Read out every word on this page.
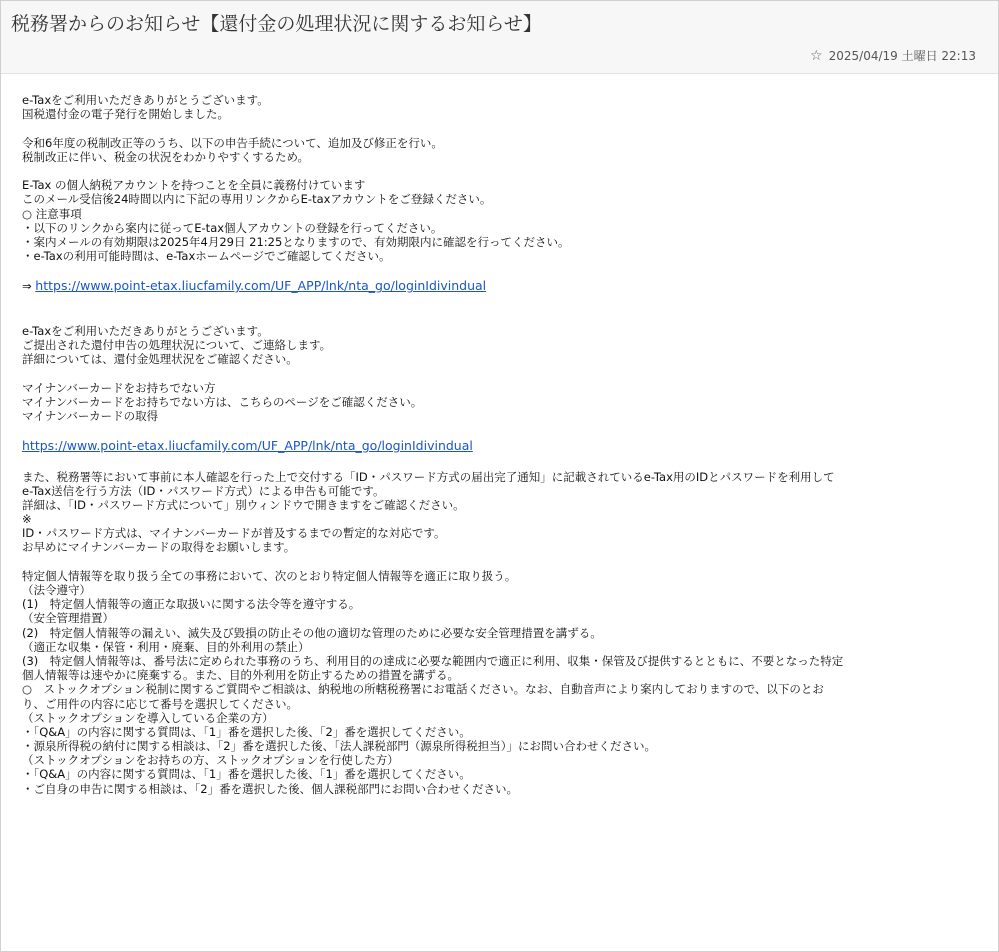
税務署からのお知らせ【還付金の処理状況に関するお知らせ】
☆ 2025/04/19 土曜日 22:13
e-Taxをご利用いただきありがとうございます。
国税還付金の電子発行を開始しました。
令和6年度の税制改正等のうち、以下の申告手続について、追加及び修正を行い。
税制改正に伴い、税金の状況をわかりやすくするため。
E-Tax の個人納税アカウントを持つことを全員に義務付けています
このメール受信後24時間以内に下記の専用リンクからE-taxアカウントをご登録ください。
○ 注意事項
・以下のリンクから案内に従ってE-tax個人アカウントの登録を行ってください。
・案内メールの有効期限は2025年4月29日 21:25となりますので、有効期限内に確認を行ってください。
・e-Taxの利用可能時間は、e-Taxホームページでご確認してください。
⇒ https://www.point-etax.liucfamily.com/UF_APP/lnk/nta_go/loginIdivindual
e-Taxをご利用いただきありがとうございます。
ご提出された還付申告の処理状況について、ご連絡します。
詳細については、還付金処理状況をご確認ください。
マイナンバーカードをお持ちでない方
マイナンバーカードをお持ちでない方は、こちらのページをご確認ください。
マイナンバーカードの取得
https://www.point-etax.liucfamily.com/UF_APP/lnk/nta_go/loginIdivindual
また、税務署等において事前に本人確認を行った上で交付する「ID・パスワード方式の届出完了通知」に記載されているe-Tax用のIDとパスワードを利用して
e-Tax送信を行う方法（ID・パスワード方式）による申告も可能です。
詳細は、「ID・パスワード方式について」別ウィンドウで開きますをご確認ください。
※
ID・パスワード方式は、マイナンバーカードが普及するまでの暫定的な対応です。
お早めにマイナンバーカードの取得をお願いします。
特定個人情報等を取り扱う全ての事務において、次のとおり特定個人情報等を適正に取り扱う。
（法令遵守）
(1)　特定個人情報等の適正な取扱いに関する法令等を遵守する。
（安全管理措置）
(2)　特定個人情報等の漏えい、滅失及び毀損の防止その他の適切な管理のために必要な安全管理措置を講ずる。
（適正な収集・保管・利用・廃棄、目的外利用の禁止）
(3)　特定個人情報等は、番号法に定められた事務のうち、利用目的の達成に必要な範囲内で適正に利用、収集・保管及び提供するとともに、不要となった特定
個人情報等は速やかに廃棄する。また、目的外利用を防止するための措置を講ずる。
○　ストックオプション税制に関するご質問やご相談は、納税地の所轄税務署にお電話ください。なお、自動音声により案内しておりますので、以下のとお
り、ご用件の内容に応じて番号を選択してください。
（ストックオプションを導入している企業の方）
・「Q&A」の内容に関する質問は、「1」番を選択した後、「2」番を選択してください。
・源泉所得税の納付に関する相談は、「2」番を選択した後、「法人課税部門（源泉所得税担当）」にお問い合わせください。
（ストックオプションをお持ちの方、ストックオプションを行使した方）
・「Q&A」の内容に関する質問は、「1」番を選択した後、「1」番を選択してください。
・ご自身の申告に関する相談は、「2」番を選択した後、個人課税部門にお問い合わせください。
